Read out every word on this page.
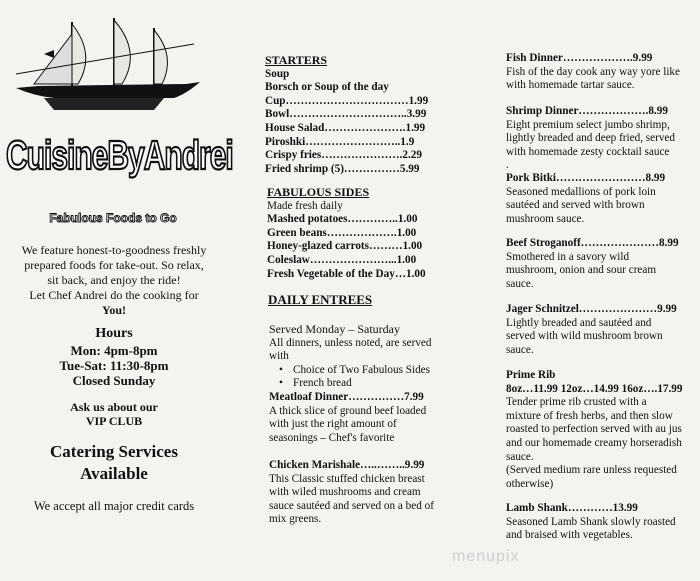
CuisineByAndrei
Fabulous Foods to Go
We feature honest-to-goodness freshly
prepared foods for take-out. So relax,
sit back, and enjoy the ride!
Let Chef Andrei do the cooking for
You!
Hours
Mon: 4pm-8pm
Tue-Sat: 11:30-8pm
Closed Sunday
Ask us about our
VIP CLUB
Catering Services
Available
We accept all major credit cards
STARTERS
Soup
Borsch or Soup of the day
Cup……………………………1.99
Bowl…………………………..3.99
House Salad………………….1.99
Piroshki……………………..1.9
Crispy fries………………….2.29
Fried shrimp (5)……………5.99
FABULOUS SIDES
Made fresh daily
Mashed potatoes…………..1.00
Green beans……………….1.00
Honey-glazed carrots………1.00
Coleslaw…………………...1.00
Fresh Vegetable of the Day…1.00
DAILY ENTREES
Served Monday – Saturday
All dinners, unless noted, are served
with
• Choice of Two Fabulous Sides
• French bread
Meatloaf Dinner……………7.99
A thick slice of ground beef loaded
with just the right amount of
seasonings – Chef's favorite
Chicken Marishale…..……..9.99
This Classic stuffed chicken breast
with wiled mushrooms and cream
sauce sautéed and served on a bed of
mix greens.
Fish Dinner……………….9.99
Fish of the day cook any way yore like
with homemade tartar sauce.
Shrimp Dinner……………….8.99
Eight premium select jumbo shrimp,
lightly breaded and deep fried, served
with homemade zesty cocktail sauce
.
Pork Bitki……………………8.99
Seasoned medallions of pork loin
sautéed and served with brown
mushroom sauce.
Beef Stroganoff…………………8.99
Smothered in a savory wild
mushroom, onion and sour cream
sauce.
Jager Schnitzel…………………9.99
Lightly breaded and sautéed and
served with wild mushroom brown
sauce.
Prime Rib
8oz…11.99 12oz…14.99 16oz….17.99
Tender prime rib crusted with a
mixture of fresh herbs, and then slow
roasted to perfection served with au jus
and our homemade creamy horseradish
sauce.
(Served medium rare unless requested
otherwise)
Lamb Shank…………13.99
Seasoned Lamb Shank slowly roasted
and braised with vegetables.
menupix
